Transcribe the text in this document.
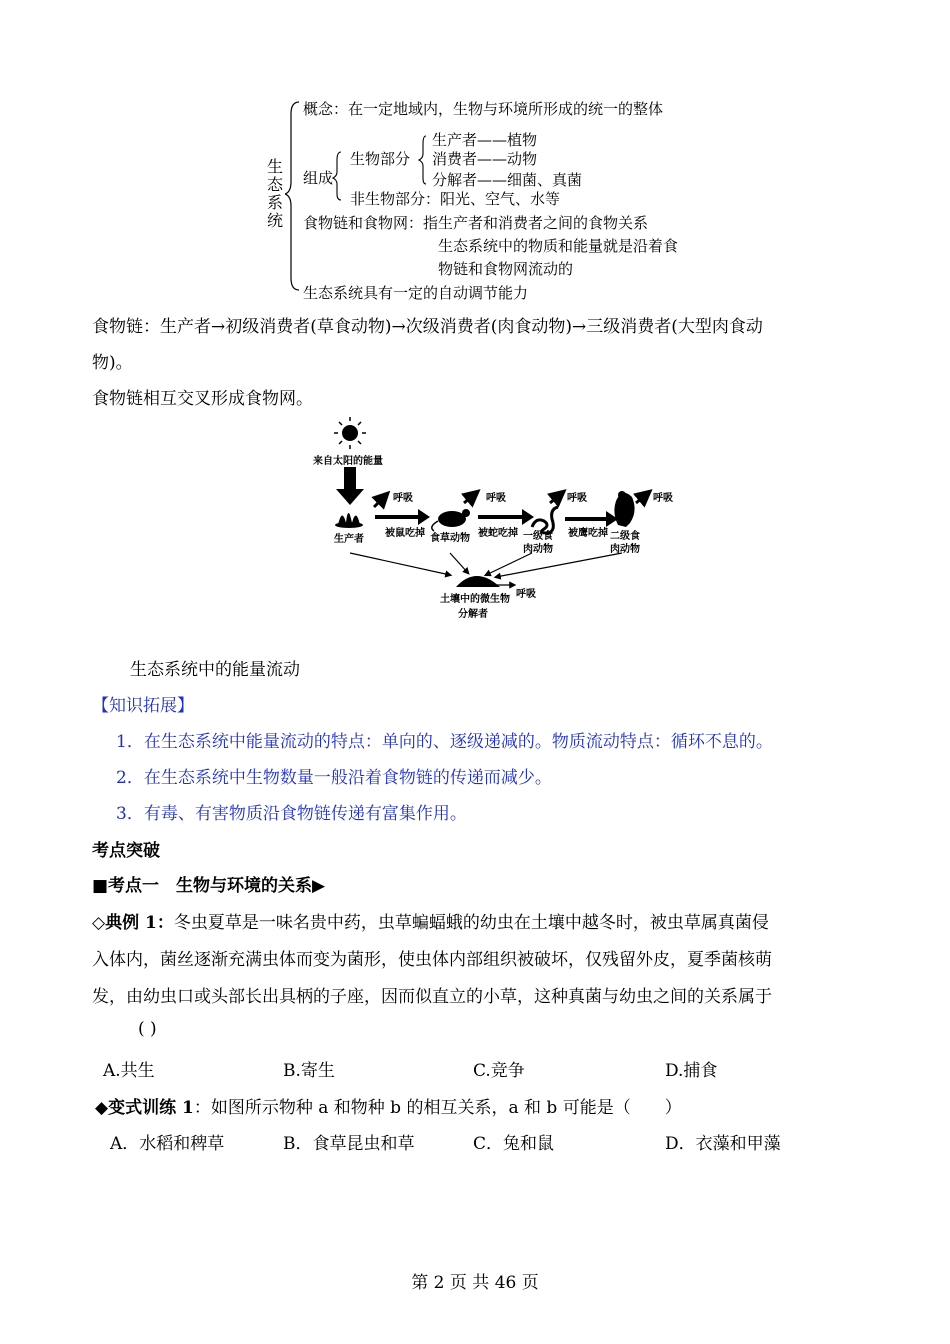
生态系统
概念：在一定地域内，生物与环境所形成的统一的整体
组成
生物部分
生产者——植物
消费者——动物
分解者——细菌、真菌
非生物部分：阳光、空气、水等
食物链和食物网：指生产者和消费者之间的食物关系
生态系统中的物质和能量就是沿着食
物链和食物网流动的
生态系统具有一定的自动调节能力
食物链：生产者→初级消费者(草食动物)→次级消费者(肉食动物)→三级消费者(大型肉食动
物)。
食物链相互交叉形成食物网。
来自太阳的能量
呼吸	呼吸	呼吸	呼吸
生产者
被鼠吃掉 食草动物 被蛇吃掉 一级食
肉动物
被鹰吃掉 二级食
肉动物
呼吸
土壤中的微生物
分解者
生态系统中的能量流动
【知识拓展】
1．在生态系统中能量流动的特点：单向的、逐级递减的。物质流动特点：循环不息的。
2．在生态系统中生物数量一般沿着食物链的传递而减少。
3．有毒、有害物质沿食物链传递有富集作用。
考点突破
■考点一　生物与环境的关系▶
◇典例 1：冬虫夏草是一味名贵中药，虫草蝙蝠蛾的幼虫在土壤中越冬时，被虫草属真菌侵
入体内，菌丝逐渐充满虫体而变为菌形，使虫体内部组织被破坏，仅残留外皮，夏季菌核萌
发，由幼虫口或头部长出具柄的子座，因而似直立的小草，这种真菌与幼虫之间的关系属于
( )
A.共生	B.寄生	C.竞争	D.捕食
◆变式训练 1：如图所示物种 a 和物种 b 的相互关系，a 和 b 可能是（　　）
A．水稻和稗草	B．食草昆虫和草	C．兔和鼠	D．衣藻和甲藻
第 2 页 共 46 页
